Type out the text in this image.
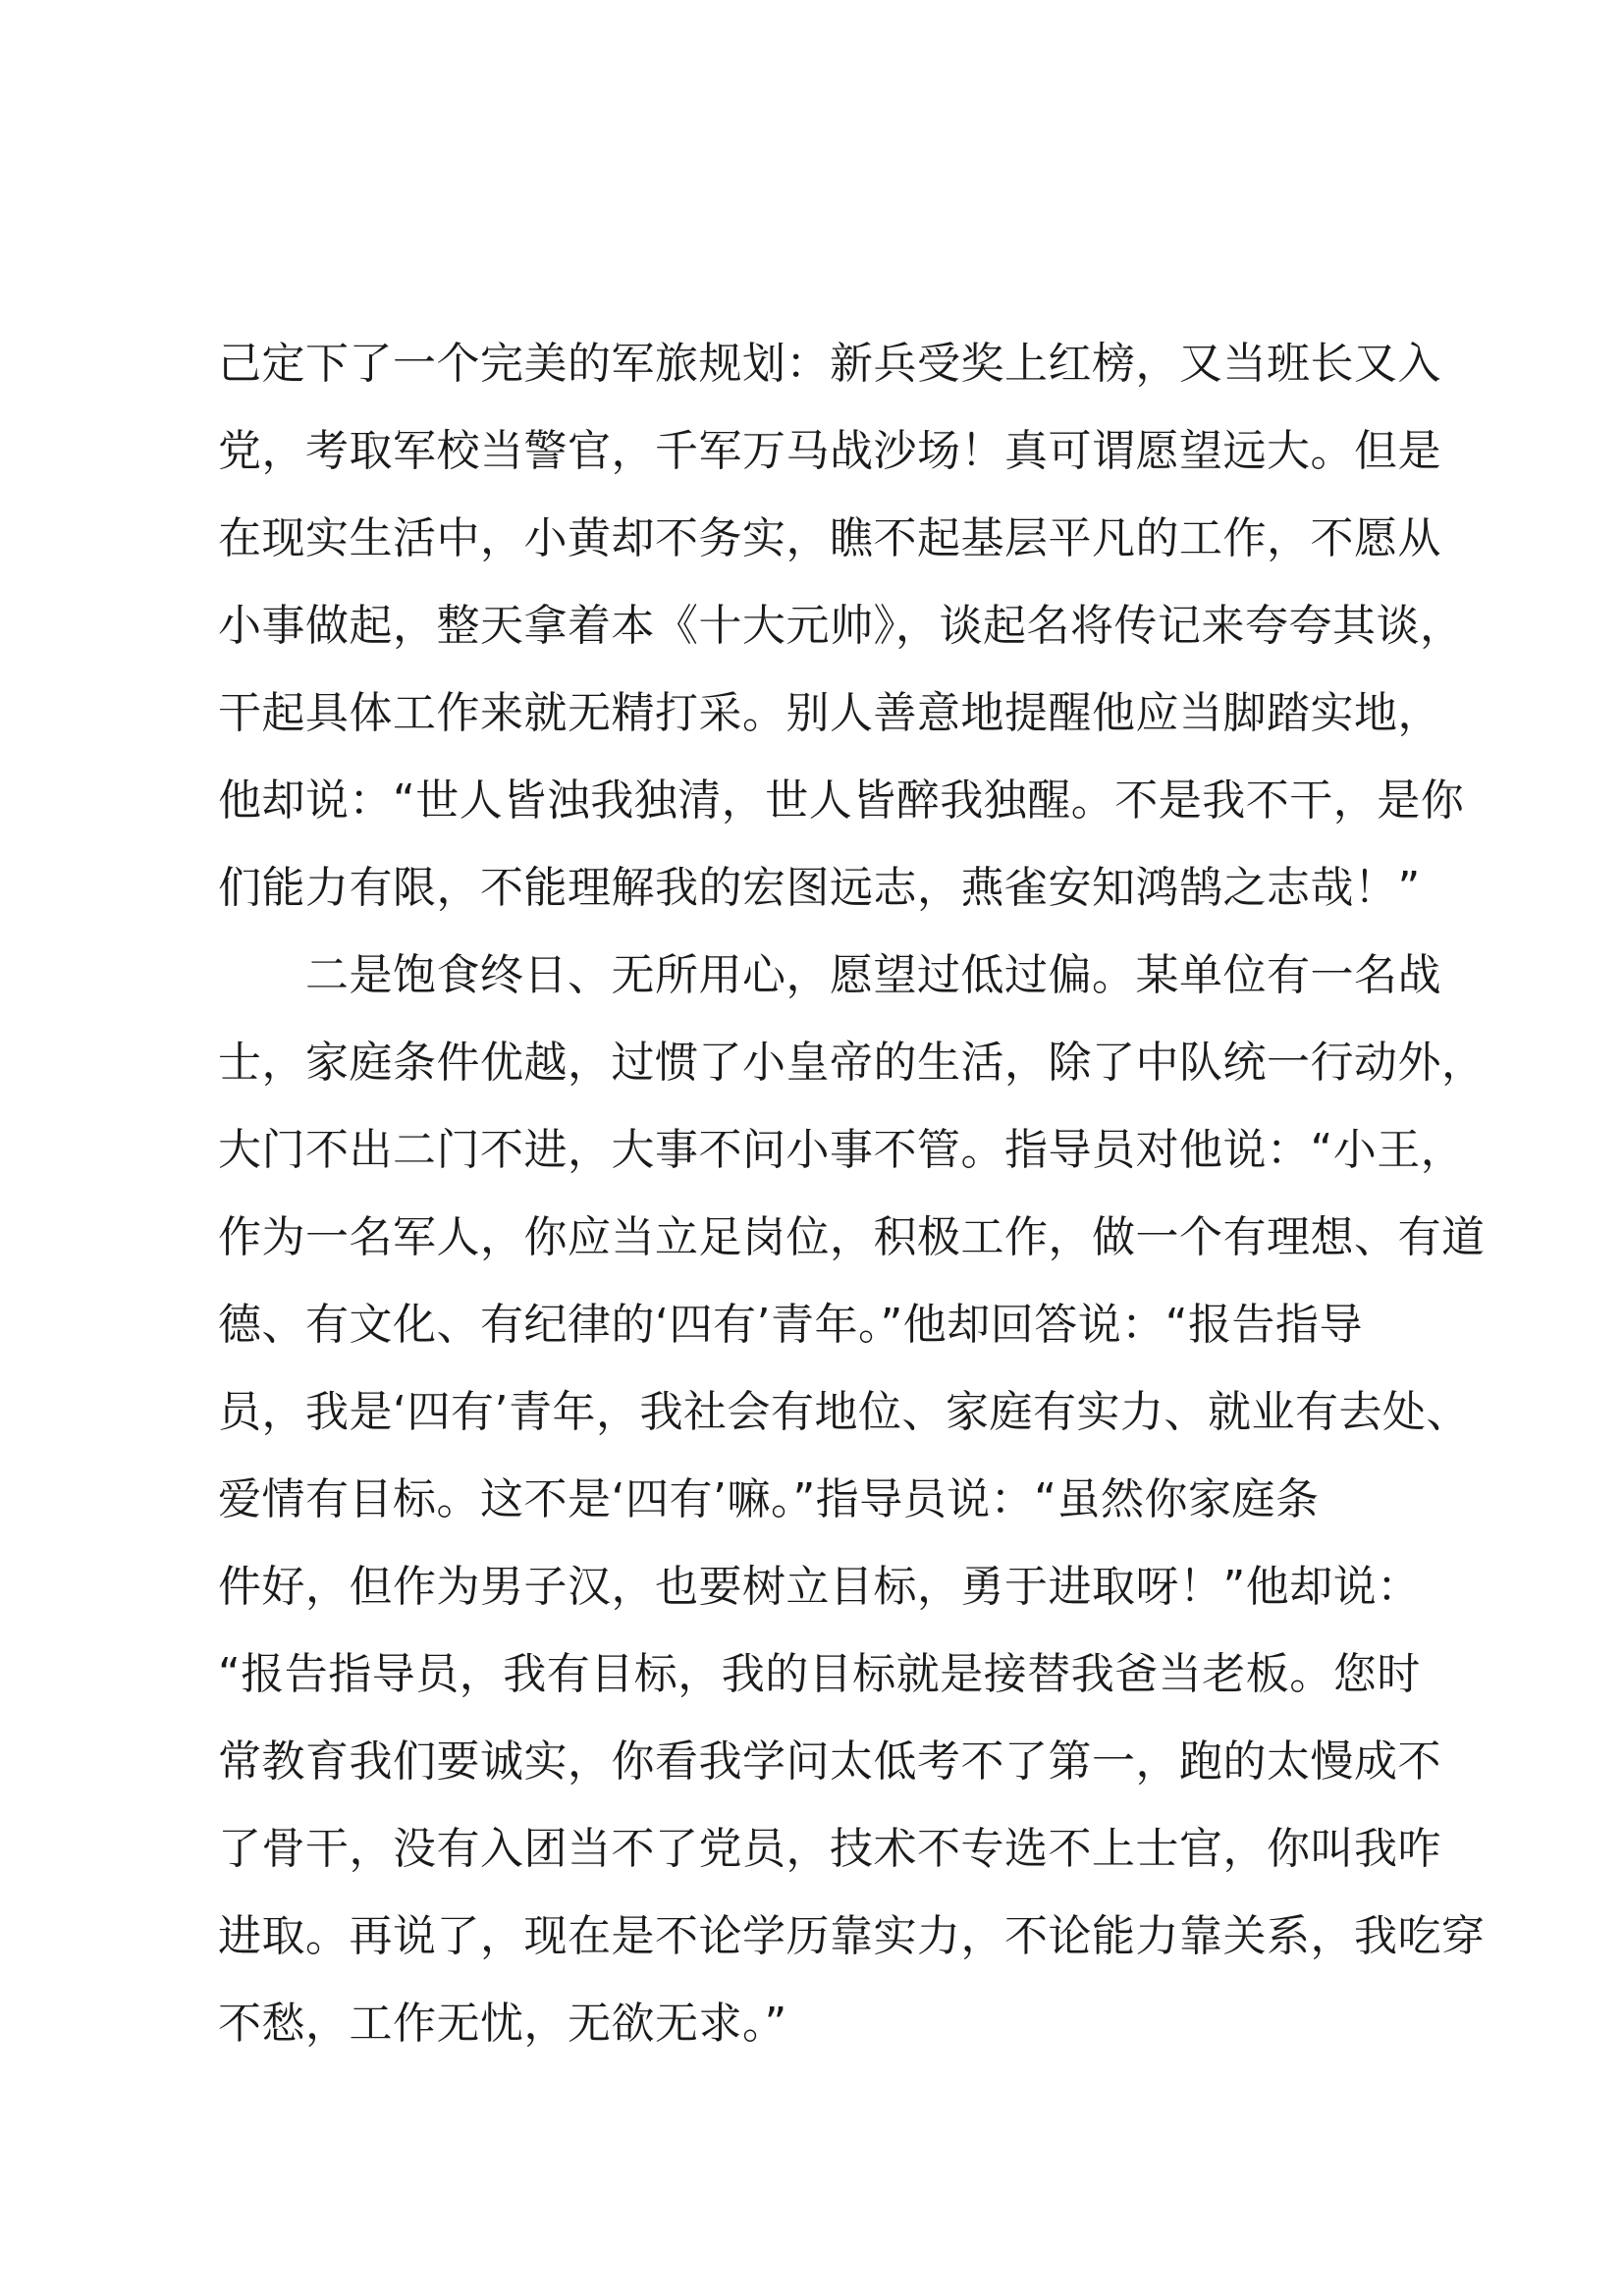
己定下了一个完美的军旅规划：新兵受奖上红榜，又当班长又入
党，考取军校当警官，千军万马战沙场！真可谓愿望远大。但是
在现实生活中，小黄却不务实，瞧不起基层平凡的工作，不愿从
小事做起，整天拿着本《十大元帅》，谈起名将传记来夸夸其谈，
干起具体工作来就无精打采。别人善意地提醒他应当脚踏实地，
他却说：“世人皆浊我独清，世人皆醉我独醒。不是我不干，是你
们能力有限，不能理解我的宏图远志，燕雀安知鸿鹄之志哉！”
　　二是饱食终日、无所用心，愿望过低过偏。某单位有一名战
士，家庭条件优越，过惯了小皇帝的生活，除了中队统一行动外，
大门不出二门不进，大事不问小事不管。指导员对他说：“小王，
作为一名军人，你应当立足岗位，积极工作，做一个有理想、有道
德、有文化、有纪律的‘四有’青年。”他却回答说：“报告指导
员，我是‘四有’青年，我社会有地位、家庭有实力、就业有去处、
爱情有目标。这不是‘四有’嘛。”指导员说：“虽然你家庭条
件好，但作为男子汉，也要树立目标，勇于进取呀！”他却说：
“报告指导员，我有目标，我的目标就是接替我爸当老板。您时
常教育我们要诚实，你看我学问太低考不了第一，跑的太慢成不
了骨干，没有入团当不了党员，技术不专选不上士官，你叫我咋
进取。再说了，现在是不论学历靠实力，不论能力靠关系，我吃穿
不愁，工作无忧，无欲无求。”
